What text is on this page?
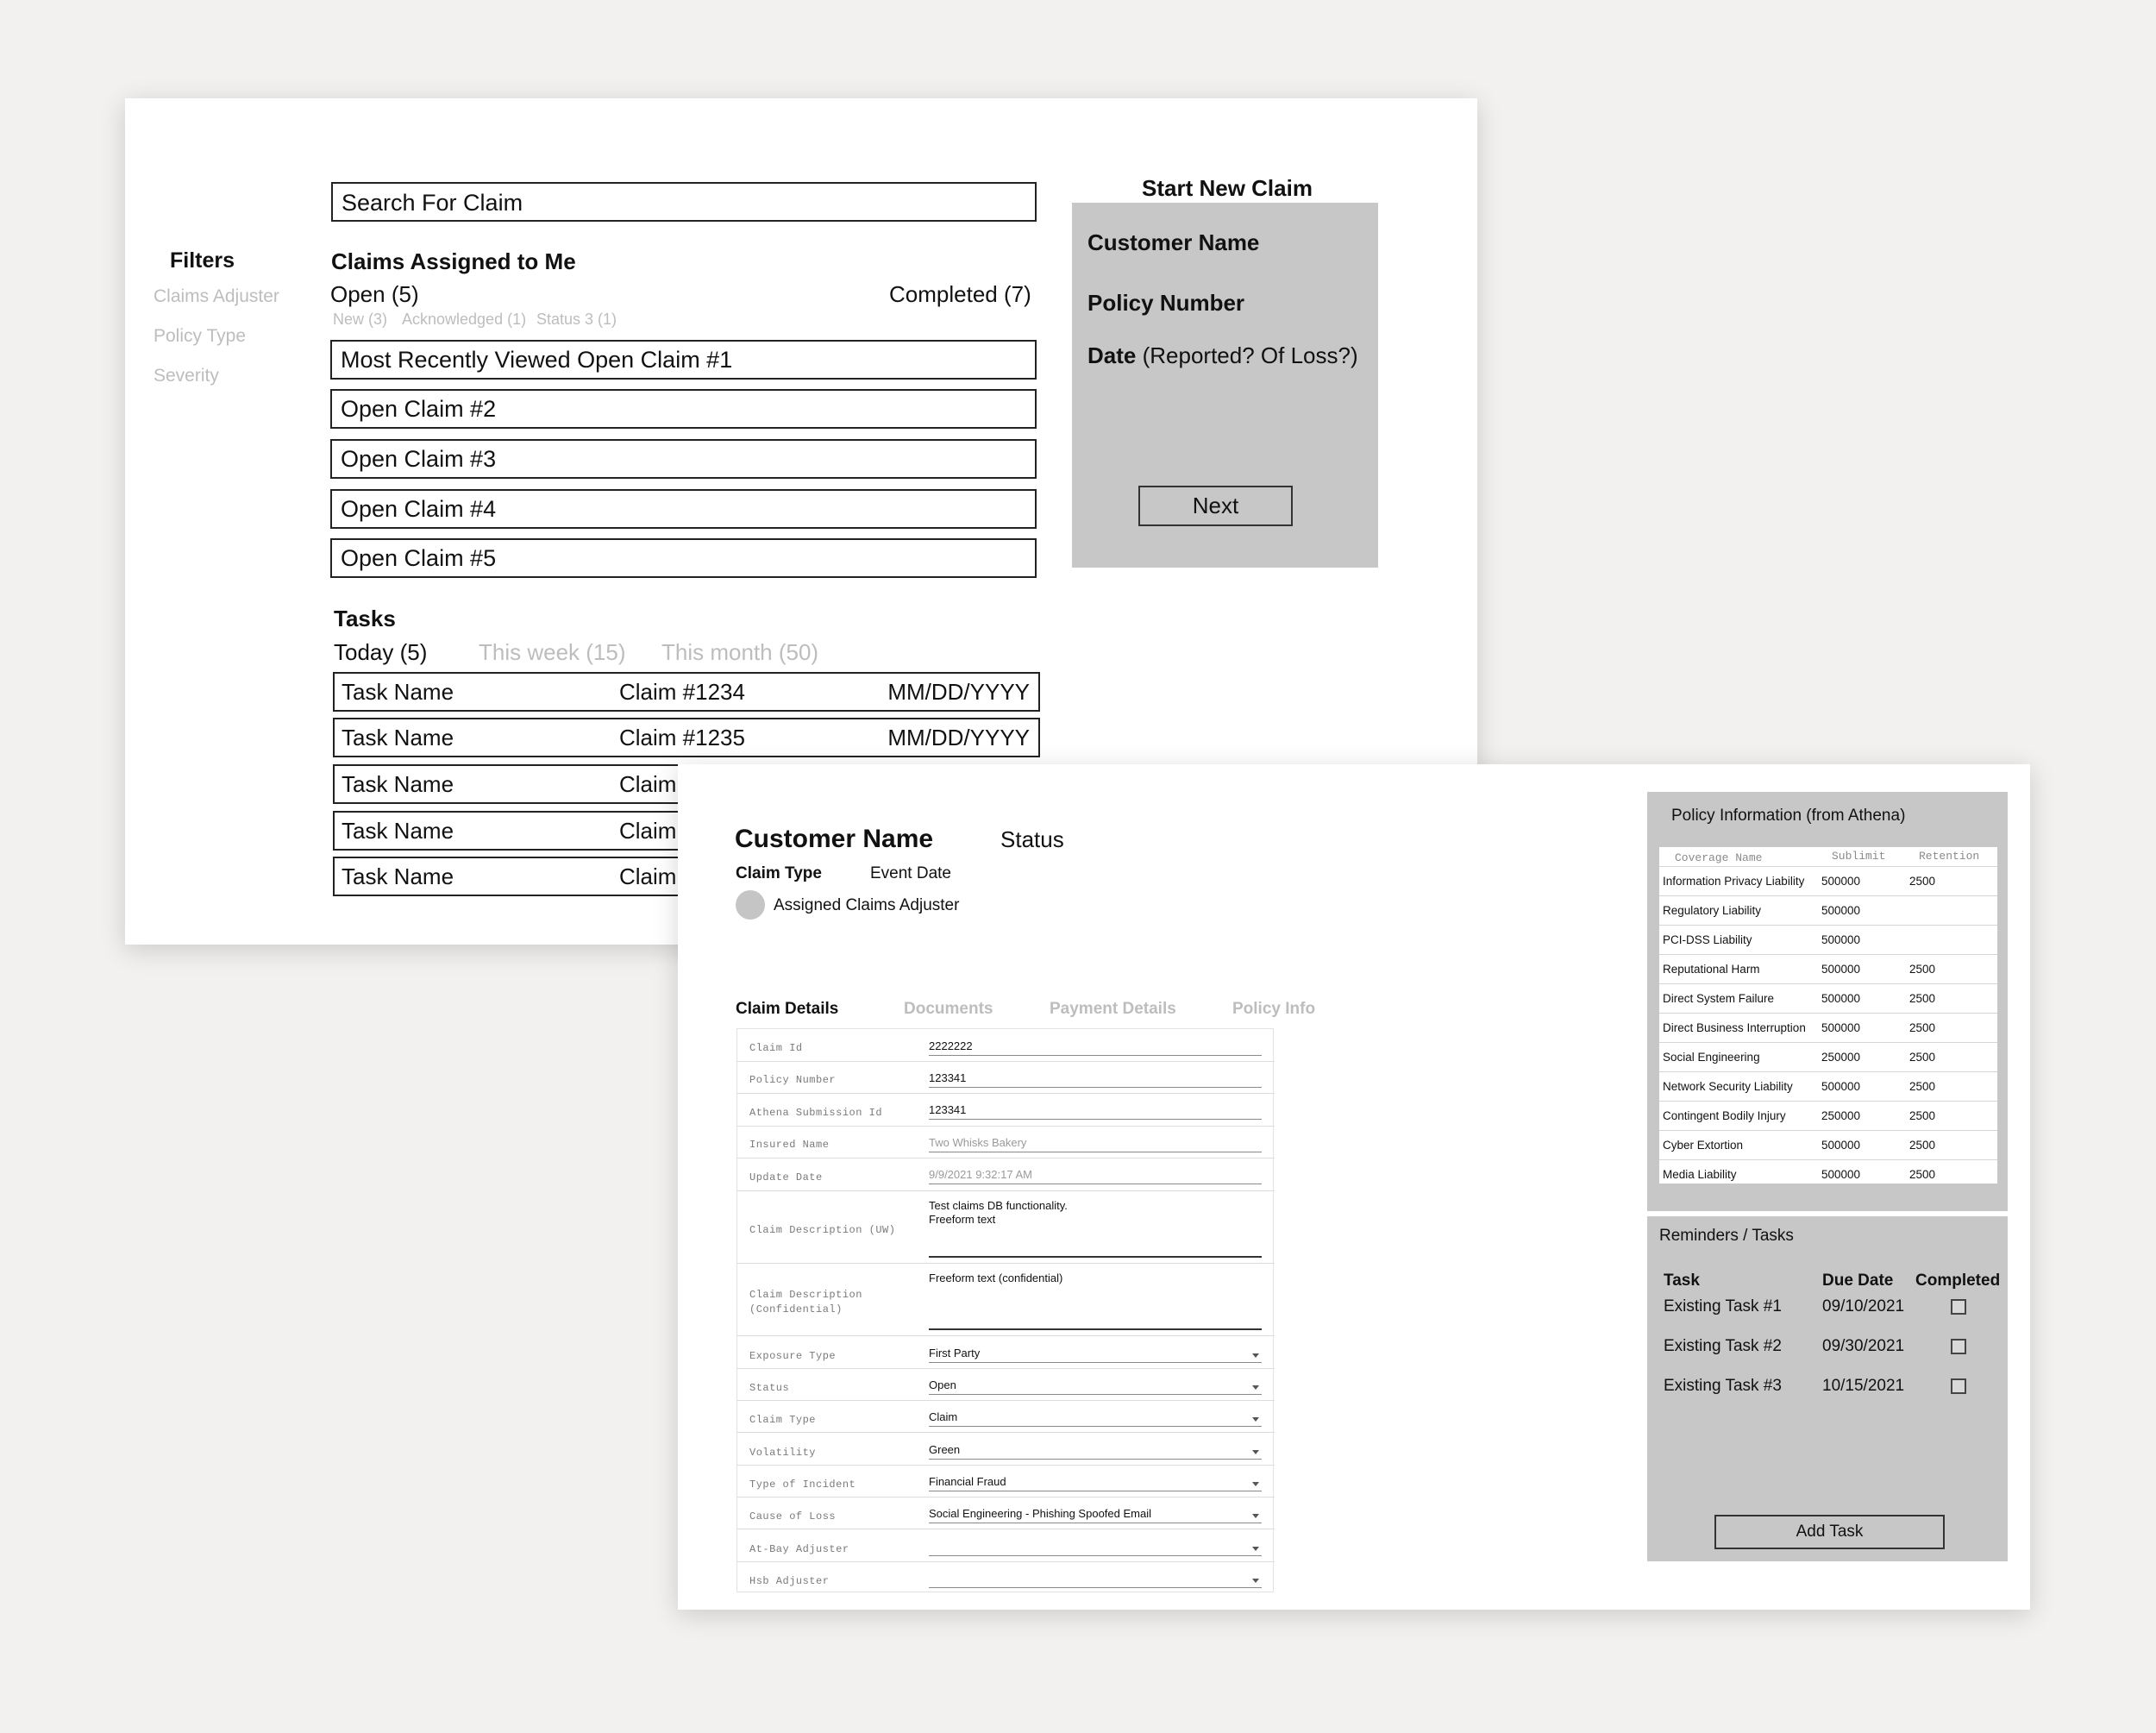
Search For Claim
Filters
Claims Adjuster
Policy Type
Severity
Claims Assigned to Me
Open (5)	Completed (7)
New (3) Acknowledged (1) Status 3 (1)
Most Recently Viewed Open Claim #1
Open Claim #2
Open Claim #3
Open Claim #4
Open Claim #5
Tasks
Today (5) This week (15) This month (50)
Task Name	Claim #1234	MM/DD/YYYY
Task Name	Claim #1235	MM/DD/YYYY
Task Name	Claim
Task Name	Claim
Task Name	Claim
Start New Claim
Customer Name
Policy Number
Date (Reported? Of Loss?)
Next
Customer Name	Status
Claim Type	Event Date
Assigned Claims Adjuster
Claim Details	Documents	Payment Details	Policy Info
Claim Id	2222222
Policy Number	123341
Athena Submission Id	123341
Insured Name	Two Whisks Bakery
Update Date	9/9/2021 9:32:17 AM
Claim Description (UW)
Test claims DB functionality.
Freeform text
Claim Description
(Confidential)
Freeform text (confidential)
Exposure Type	First Party
Status	Open
Claim Type	Claim
Volatility	Green
Type of Incident	Financial Fraud
Cause of Loss	Social Engineering - Phishing Spoofed Email
At-Bay Adjuster
Hsb Adjuster
Policy Information (from Athena)
Coverage Name	Sublimit	Retention
Information Privacy Liability 500000	2500
Regulatory Liability	500000
PCI-DSS Liability	500000
Reputational Harm	500000	2500
Direct System Failure	500000	2500
Direct Business Interruption 500000	2500
Social Engineering	250000	2500
Network Security Liability 500000	2500
Contingent Bodily Injury	250000	2500
Cyber Extortion	500000	2500
Media Liability	500000	2500
Reminders / Tasks
Task	Due Date Completed
Existing Task #1 09/10/2021
Existing Task #2 09/30/2021
Existing Task #3 10/15/2021
Add Task
